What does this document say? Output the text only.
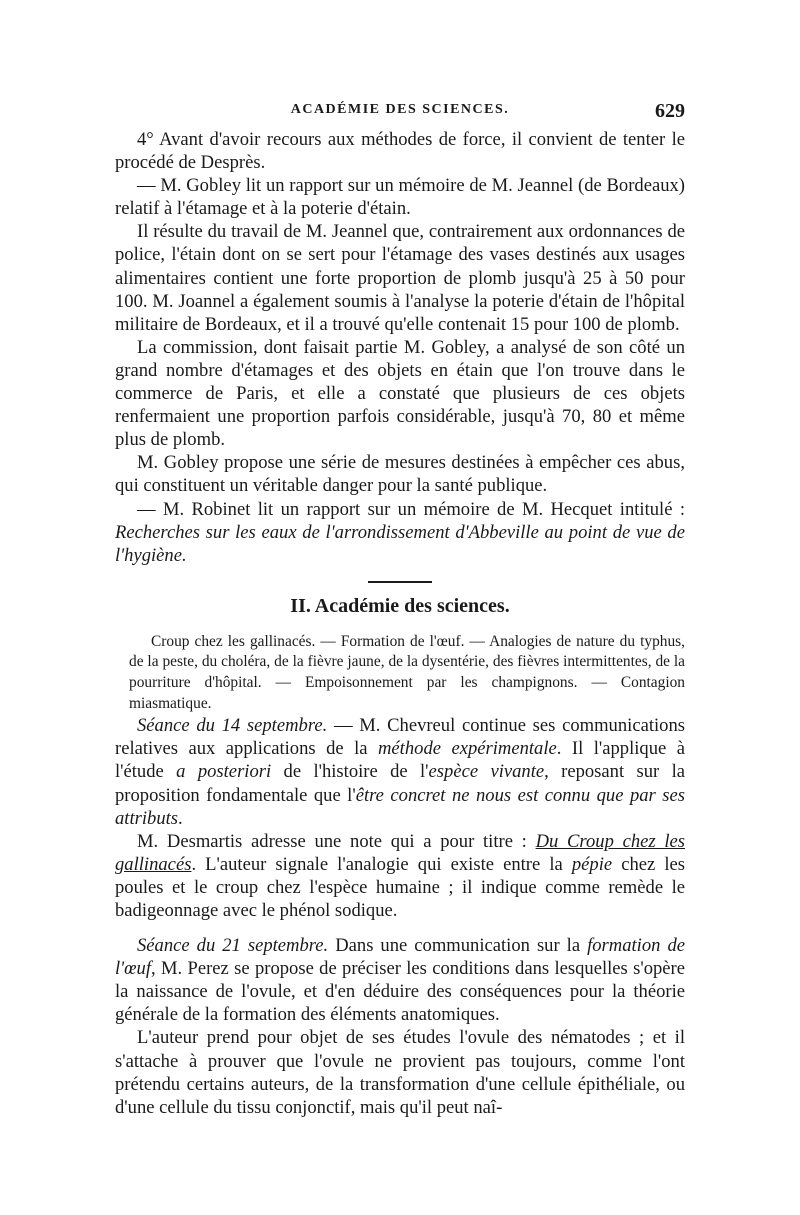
ACADÉMIE DES SCIENCES.	629

4° Avant d'avoir recours aux méthodes de force, il convient de tenter le procédé de Desprès.

— M. Gobley lit un rapport sur un mémoire de M. Jeannel (de Bordeaux) relatif à l'étamage et à la poterie d'étain.

Il résulte du travail de M. Jeannel que, contrairement aux ordonnances de police, l'étain dont on se sert pour l'étamage des vases destinés aux usages alimentaires contient une forte proportion de plomb jusqu'à 25 à 50 pour 100. M. Joannel a également soumis à l'analyse la poterie d'étain de l'hôpital militaire de Bordeaux, et il a trouvé qu'elle contenait 15 pour 100 de plomb.

La commission, dont faisait partie M. Gobley, a analysé de son côté un grand nombre d'étamages et des objets en étain que l'on trouve dans le commerce de Paris, et elle a constaté que plusieurs de ces objets renfermaient une proportion parfois considérable, jusqu'à 70, 80 et même plus de plomb.

M. Gobley propose une série de mesures destinées à empêcher ces abus, qui constituent un véritable danger pour la santé publique.

— M. Robinet lit un rapport sur un mémoire de M. Hecquet intitulé : Recherches sur les eaux de l'arrondissement d'Abbeville au point de vue de l'hygiène.

II. Académie des sciences.

Croup chez les gallinacés. — Formation de l'œuf. — Analogies de nature du typhus, de la peste, du choléra, de la fièvre jaune, de la dysentérie, des fièvres intermittentes, de la pourriture d'hôpital. — Empoisonnement par les champignons. — Contagion miasmatique.

Séance du 14 septembre. — M. Chevreul continue ses communications relatives aux applications de la méthode expérimentale. Il l'applique à l'étude a posteriori de l'histoire de l'espèce vivante, reposant sur la proposition fondamentale que l'être concret ne nous est connu que par ses attributs.

M. Desmartis adresse une note qui a pour titre : Du Croup chez les gallinacés. L'auteur signale l'analogie qui existe entre la pépie chez les poules et le croup chez l'espèce humaine ; il indique comme remède le badigeonnage avec le phénol sodique.

Séance du 21 septembre. Dans une communication sur la formation de l'œuf, M. Perez se propose de préciser les conditions dans lesquelles s'opère la naissance de l'ovule, et d'en déduire des conséquences pour la théorie générale de la formation des éléments anatomiques.

L'auteur prend pour objet de ses études l'ovule des nématodes ; et il s'attache à prouver que l'ovule ne provient pas toujours, comme l'ont prétendu certains auteurs, de la transformation d'une cellule épithéliale, ou d'une cellule du tissu conjonctif, mais qu'il peut naî-
